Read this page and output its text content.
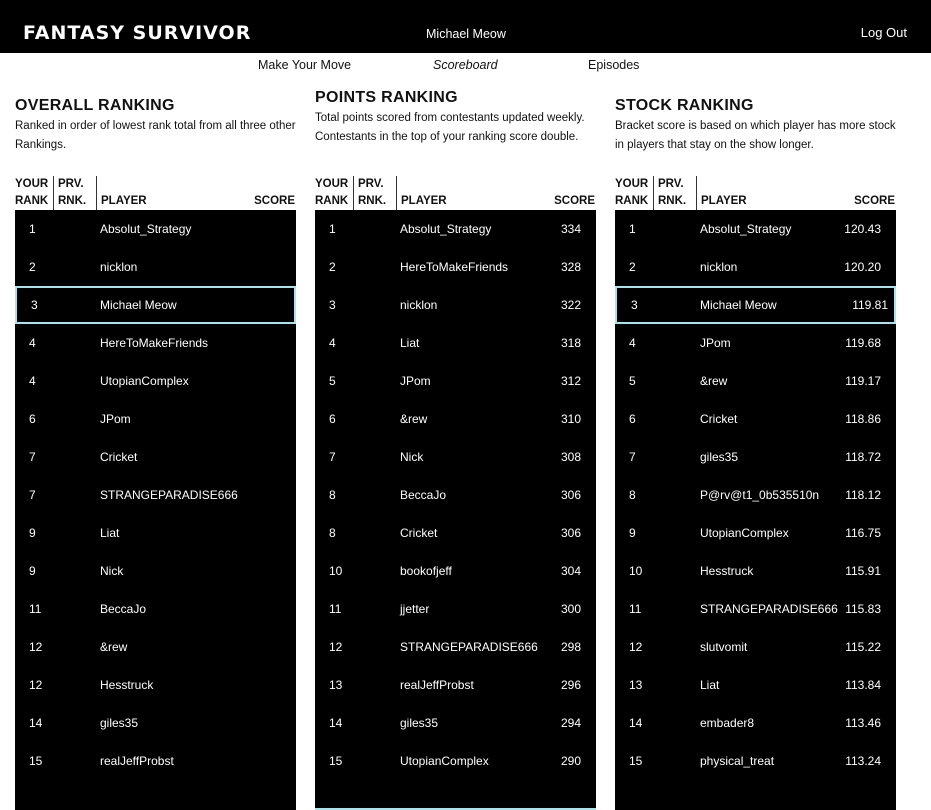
FANTASY SURVIVOR	Michael Meow	Log Out
Make Your Move	Scoreboard	Episodes
OVERALL RANKING

Ranked in order of lowest rank total from all three other Rankings.

YOUR
RANK
PRV.
RNK.	PLAYER	SCORE
1	Absolut_Strategy
2	nicklon
3	Michael Meow
4	HereToMakeFriends
4	UtopianComplex
6	JPom
7	Cricket
7	STRANGEPARADISE666
9	Liat
9	Nick
11	BeccaJo
12	&rew
12	Hesstruck
14	giles35
15	realJeffProbst
POINTS RANKING

Total points scored from contestants updated weekly. Contestants in the top of your ranking score double.

YOUR
RANK
PRV.
RNK.	PLAYER	SCORE
1	Absolut_Strategy	334
2	HereToMakeFriends	328
3	nicklon	322
4	Liat	318
5	JPom	312
6	&rew	310
7	Nick	308
8	BeccaJo	306
8	Cricket	306
10	bookofjeff	304
11	jjetter	300
12	STRANGEPARADISE666 298
13	realJeffProbst	296
14	giles35	294
15	UtopianComplex	290
STOCK RANKING

Bracket score is based on which player has more stock in players that stay on the show longer.

YOUR
RANK
PRV.
RNK.	PLAYER	SCORE
1	Absolut_Strategy	120.43
2	nicklon	120.20
3	Michael Meow	119.81
4	JPom	119.68
5	&rew	119.17
6	Cricket	118.86
7	giles35	118.72
8	P@rv@t1_0b535510n 118.12
9	UtopianComplex	116.75
10	Hesstruck	115.91
11	STRANGEPARADISE666 115.83
12	slutvomit	115.22
13	Liat	113.84
14	embader8	113.46
15	physical_treat	113.24
